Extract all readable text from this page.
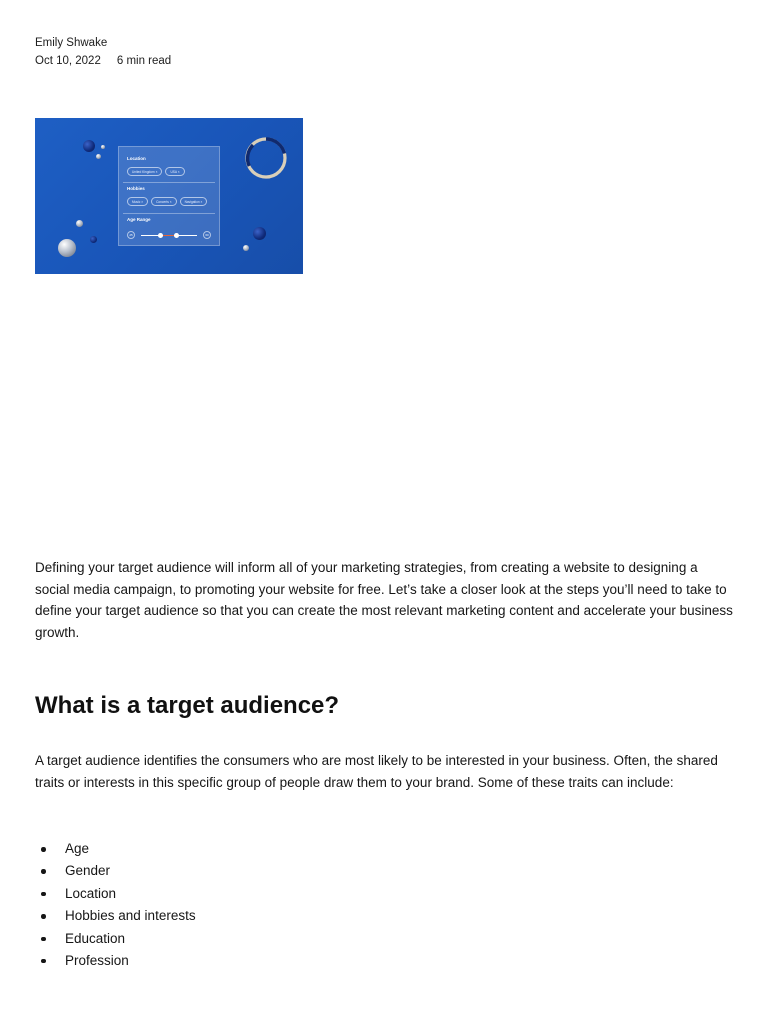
Emily Shwake
Oct 10, 2022 6 min read
Location
United Kingdom ×	USA ×
Hobbies
Music ×	Concerts ×	Navigation ×
Age Range
25	60

Defining your target audience will inform all of your marketing strategies, from creating a website to designing a social media campaign, to promoting your website for free. Let’s take a closer look at the steps you’ll need to take to define your target audience so that you can create the most relevant marketing content and accelerate your business growth.

What is a target audience?

A target audience identifies the consumers who are most likely to be interested in your business. Often, the shared traits or interests in this specific group of people draw them to your brand. Some of these traits can include:

Age
Gender
Location
Hobbies and interests
Education
Profession
